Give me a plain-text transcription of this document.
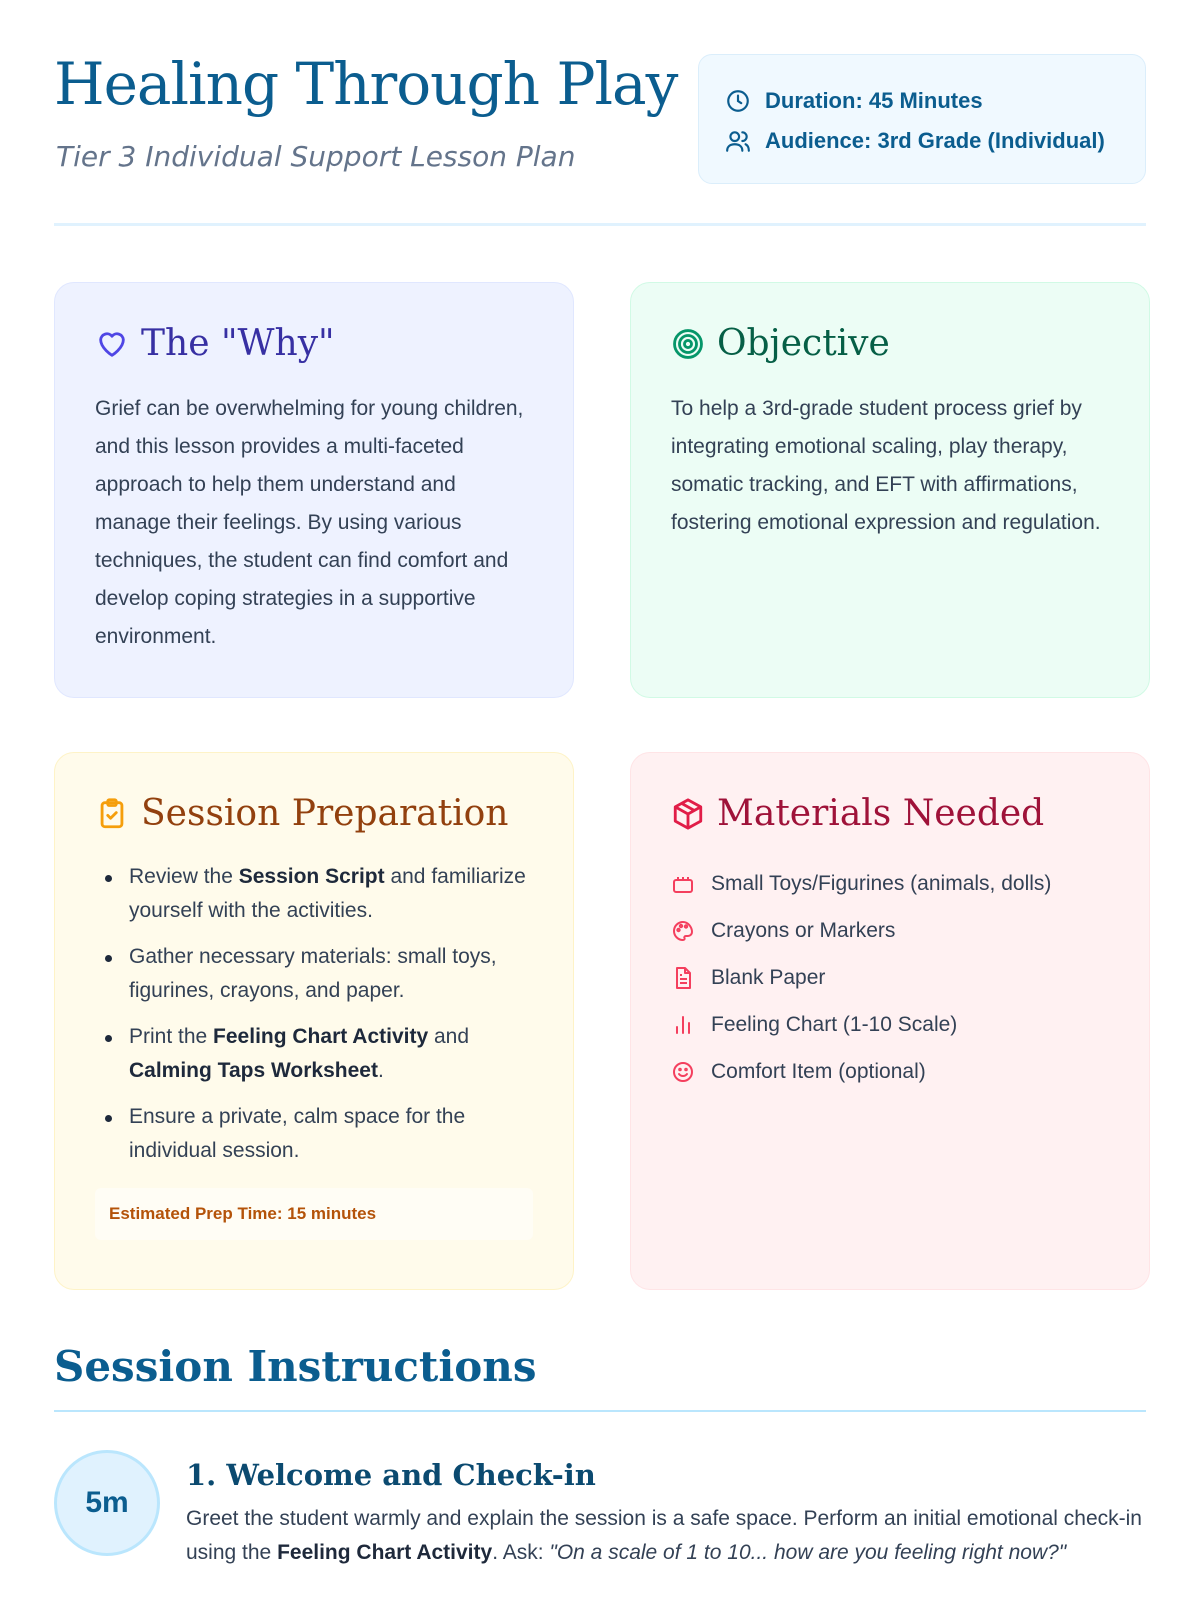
Healing Through Play
Tier 3 Individual Support Lesson Plan
Duration: 45 Minutes
Audience: 3rd Grade (Individual)
The "Why"

Grief can be overwhelming for young children, and this lesson provides a multi-faceted approach to help them understand and manage their feelings. By using various techniques, the student can find comfort and develop coping strategies in a supportive environment.

Objective

To help a 3rd-grade student process grief by integrating emotional scaling, play therapy, somatic tracking, and EFT with affirmations, fostering emotional expression and regulation.

Session Preparation
Review the Session Script and familiarize yourself with the activities.
Gather necessary materials: small toys, figurines, crayons, and paper.
Print the Feeling Chart Activity and Calming Taps Worksheet.
Ensure a private, calm space for the individual session.
Estimated Prep Time: 15 minutes
Materials Needed
Small Toys/Figurines (animals, dolls)
Crayons or Markers
Blank Paper
Feeling Chart (1-10 Scale)
Comfort Item (optional)
Session Instructions
5m
1. Welcome and Check-in

Greet the student warmly and explain the session is a safe space. Perform an initial emotional check-in using the Feeling Chart Activity. Ask: "On a scale of 1 to 10... how are you feeling right now?"
